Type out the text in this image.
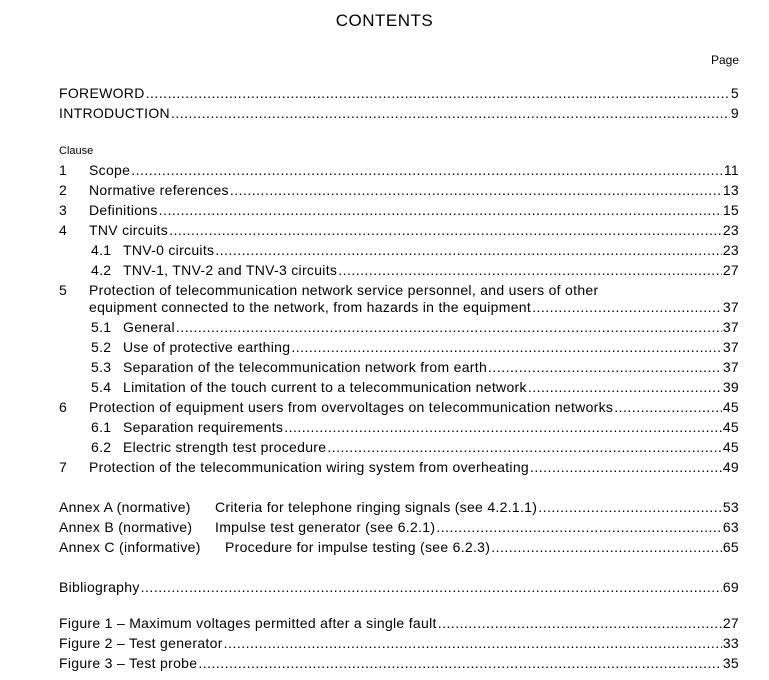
CONTENTS
Page
FOREWORD .....	5
INTRODUCTION .....	9
Clause
1	Scope .....	11
2	Normative references .....	13
3	Definitions .....	15
4	TNV circuits .....	23
4.1 TNV-0 circuits .....	23
4.2 TNV-1, TNV-2 and TNV-3 circuits .....	27
5	Protection of telecommunication network service personnel, and users of other
equipment connected to the network, from hazards in the equipment .....	37
5.1 General .....	37
5.2 Use of protective earthing .....	37
5.3 Separation of the telecommunication network from earth .....	37
5.4 Limitation of the touch current to a telecommunication network .....	39
6	Protection of equipment users from overvoltages on telecommunication networks .....	45
6.1 Separation requirements .....	45
6.2 Electric strength test procedure .....	45
7	Protection of the telecommunication wiring system from overheating .....	49
Annex A (normative)	Criteria for telephone ringing signals (see 4.2.1.1) .....	53
Annex B (normative)	Impulse test generator (see 6.2.1) .....	63
Annex C (informative)	Procedure for impulse testing (see 6.2.3) .....	65
Bibliography .....	69
Figure 1 – Maximum voltages permitted after a single fault .....	27
Figure 2 – Test generator .....	33
Figure 3 – Test probe .....	35
